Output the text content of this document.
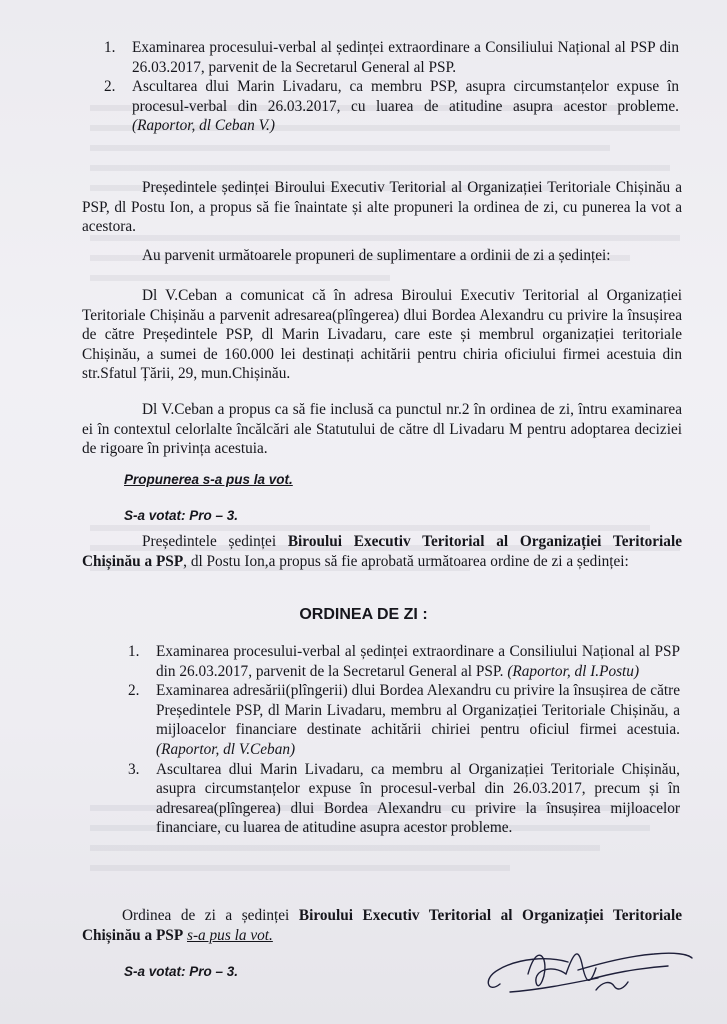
1.	Examinarea procesului-verbal al ședinței extraordinare a Consiliului Național al PSP din 26.03.2017, parvenit de la Secretarul General al PSP.
2.	Ascultarea dlui Marin Livadaru, ca membru PSP, asupra circumstanțelor expuse în procesul-verbal din 26.03.2017, cu luarea de atitudine asupra acestor probleme.(Raportor, dl Ceban V.)

Președintele ședinței Biroului Executiv Teritorial al Organizației Teritoriale Chișinău a PSP, dl Postu Ion, a propus să fie înaintate și alte propuneri la ordinea de zi, cu punerea la vot a acestora.

Au parvenit următoarele propuneri de suplimentare a ordinii de zi a ședinței:

Dl V.Ceban a comunicat că în adresa Biroului Executiv Teritorial al Organizației Teritoriale Chișinău a parvenit adresarea(plîngerea) dlui Bordea Alexandru cu privire la însușirea de către Președintele PSP, dl Marin Livadaru, care este și membrul organizației teritoriale Chișinău, a sumei de 160.000 lei destinați achitării pentru chiria oficiului firmei acestuia din str.Sfatul Țării, 29, mun.Chișinău.

Dl V.Ceban a propus ca să fie inclusă ca punctul nr.2 în ordinea de zi, întru examinarea ei în contextul celorlalte încălcări ale Statutului de către dl Livadaru M pentru adoptarea deciziei de rigoare în privința acestuia.

Propunerea s-a pus la vot.
S-a votat: Pro – 3.

Președintele ședinței Biroului Executiv Teritorial al Organizației Teritoriale Chișinău a PSP, dl Postu Ion,a propus să fie aprobată următoarea ordine de zi a ședinței:

ORDINEA DE ZI :
1.	Examinarea procesului-verbal al ședinței extraordinare a Consiliului Național al PSP din 26.03.2017, parvenit de la Secretarul General al PSP. (Raportor, dl I.Postu)
2.	Examinarea adresării(plîngerii) dlui Bordea Alexandru cu privire la însușirea de către Președintele PSP, dl Marin Livadaru, membru al Organizației Teritoriale Chișinău, a mijloacelor financiare destinate achitării chiriei pentru oficiul firmei acestuia.(Raportor, dl V.Ceban)
3.	Ascultarea dlui Marin Livadaru, ca membru al Organizației Teritoriale Chișinău, asupra circumstanțelor expuse în procesul-verbal din 26.03.2017, precum și în adresarea(plîngerea) dlui Bordea Alexandru cu privire la însușirea mijloacelor financiare, cu luarea de atitudine asupra acestor probleme.

Ordinea de zi a ședinței Biroului Executiv Teritorial al Organizației Teritoriale Chișinău a PSP s-a pus la vot.

S-a votat: Pro – 3.
